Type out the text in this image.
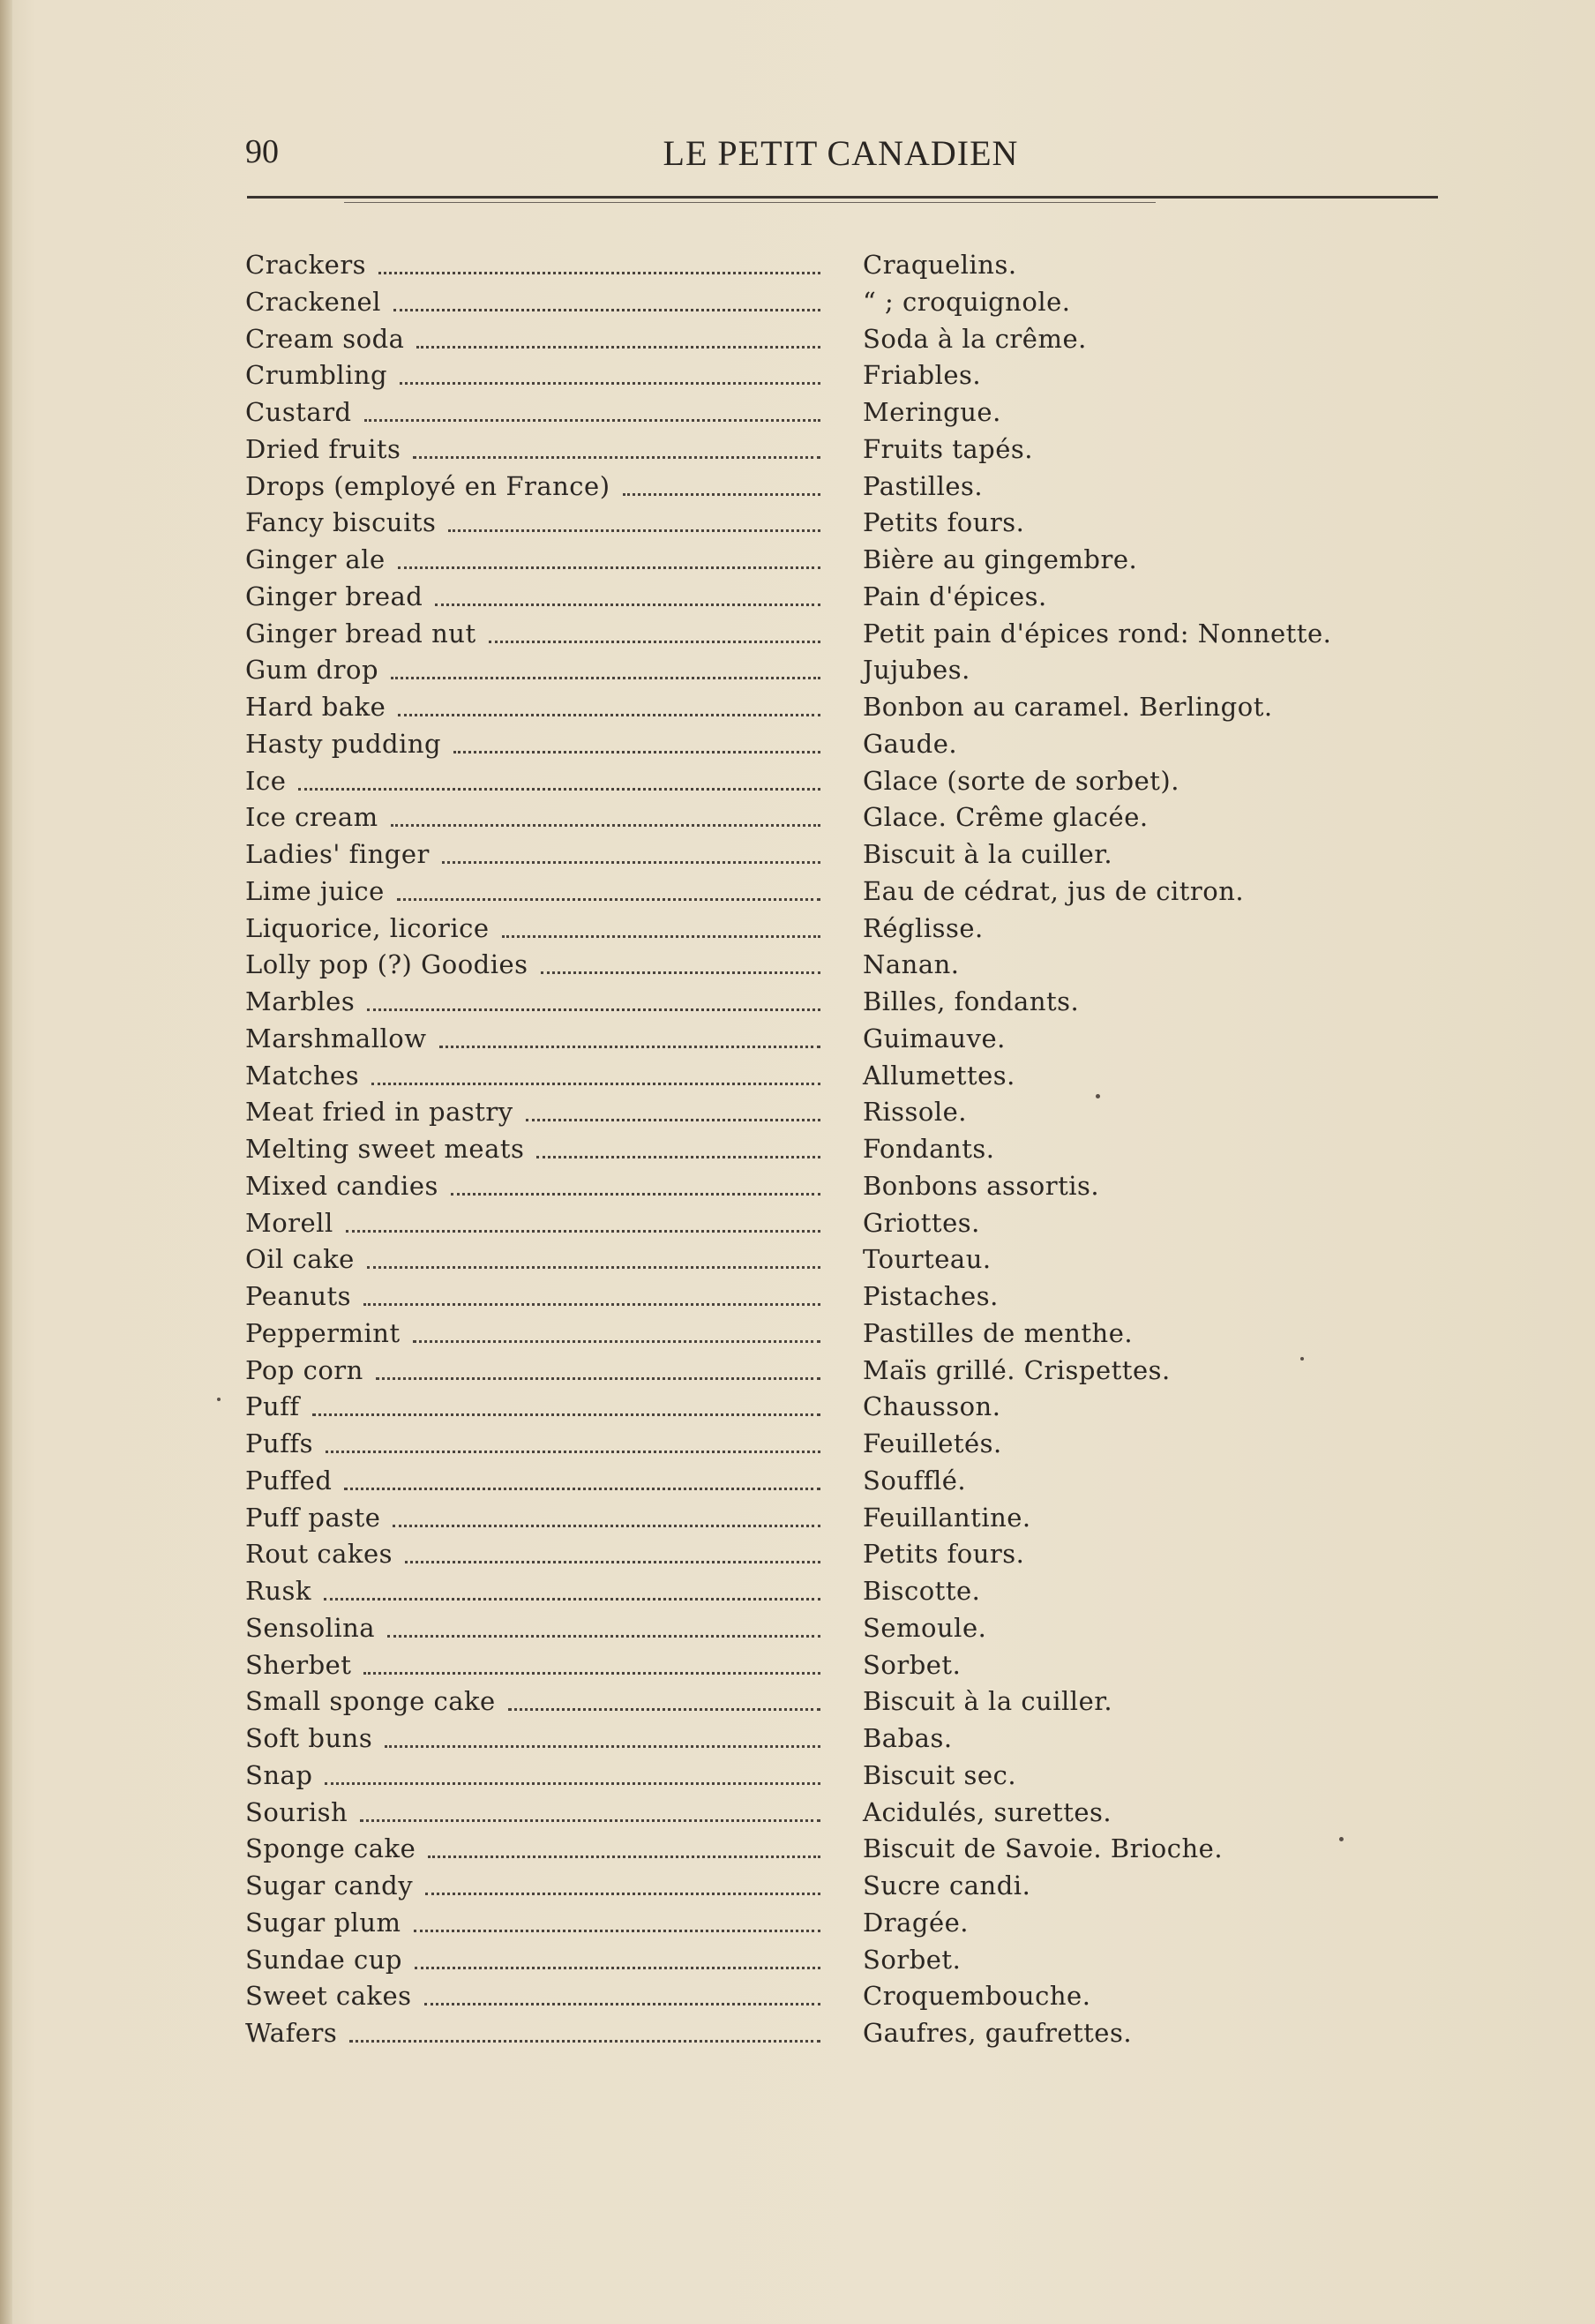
90	LE PETIT CANADIEN
Crackers	Craquelins.
Crackenel	“ ; croquignole.
Cream soda	Soda à la crême.
Crumbling	Friables.
Custard	Meringue.
Dried fruits	Fruits tapés.
Drops (employé en France)	Pastilles.
Fancy biscuits	Petits fours.
Ginger ale	Bière au gingembre.
Ginger bread	Pain d'épices.
Ginger bread nut	Petit pain d'épices rond: Nonnette.
Gum drop	Jujubes.
Hard bake	Bonbon au caramel. Berlingot.
Hasty pudding	Gaude.
Ice	Glace (sorte de sorbet).
Ice cream	Glace. Crême glacée.
Ladies' finger	Biscuit à la cuiller.
Lime juice	Eau de cédrat, jus de citron.
Liquorice, licorice	Réglisse.
Lolly pop (?) Goodies	Nanan.
Marbles	Billes, fondants.
Marshmallow	Guimauve.
Matches	Allumettes.
Meat fried in pastry	Rissole.
Melting sweet meats	Fondants.
Mixed candies	Bonbons assortis.
Morell	Griottes.
Oil cake	Tourteau.
Peanuts	Pistaches.
Peppermint	Pastilles de menthe.
Pop corn	Maïs grillé. Crispettes.
Puff	Chausson.
Puffs	Feuilletés.
Puffed	Soufflé.
Puff paste	Feuillantine.
Rout cakes	Petits fours.
Rusk	Biscotte.
Sensolina	Semoule.
Sherbet	Sorbet.
Small sponge cake	Biscuit à la cuiller.
Soft buns	Babas.
Snap	Biscuit sec.
Sourish	Acidulés, surettes.
Sponge cake	Biscuit de Savoie. Brioche.
Sugar candy	Sucre candi.
Sugar plum	Dragée.
Sundae cup	Sorbet.
Sweet cakes	Croquembouche.
Wafers	Gaufres, gaufrettes.
